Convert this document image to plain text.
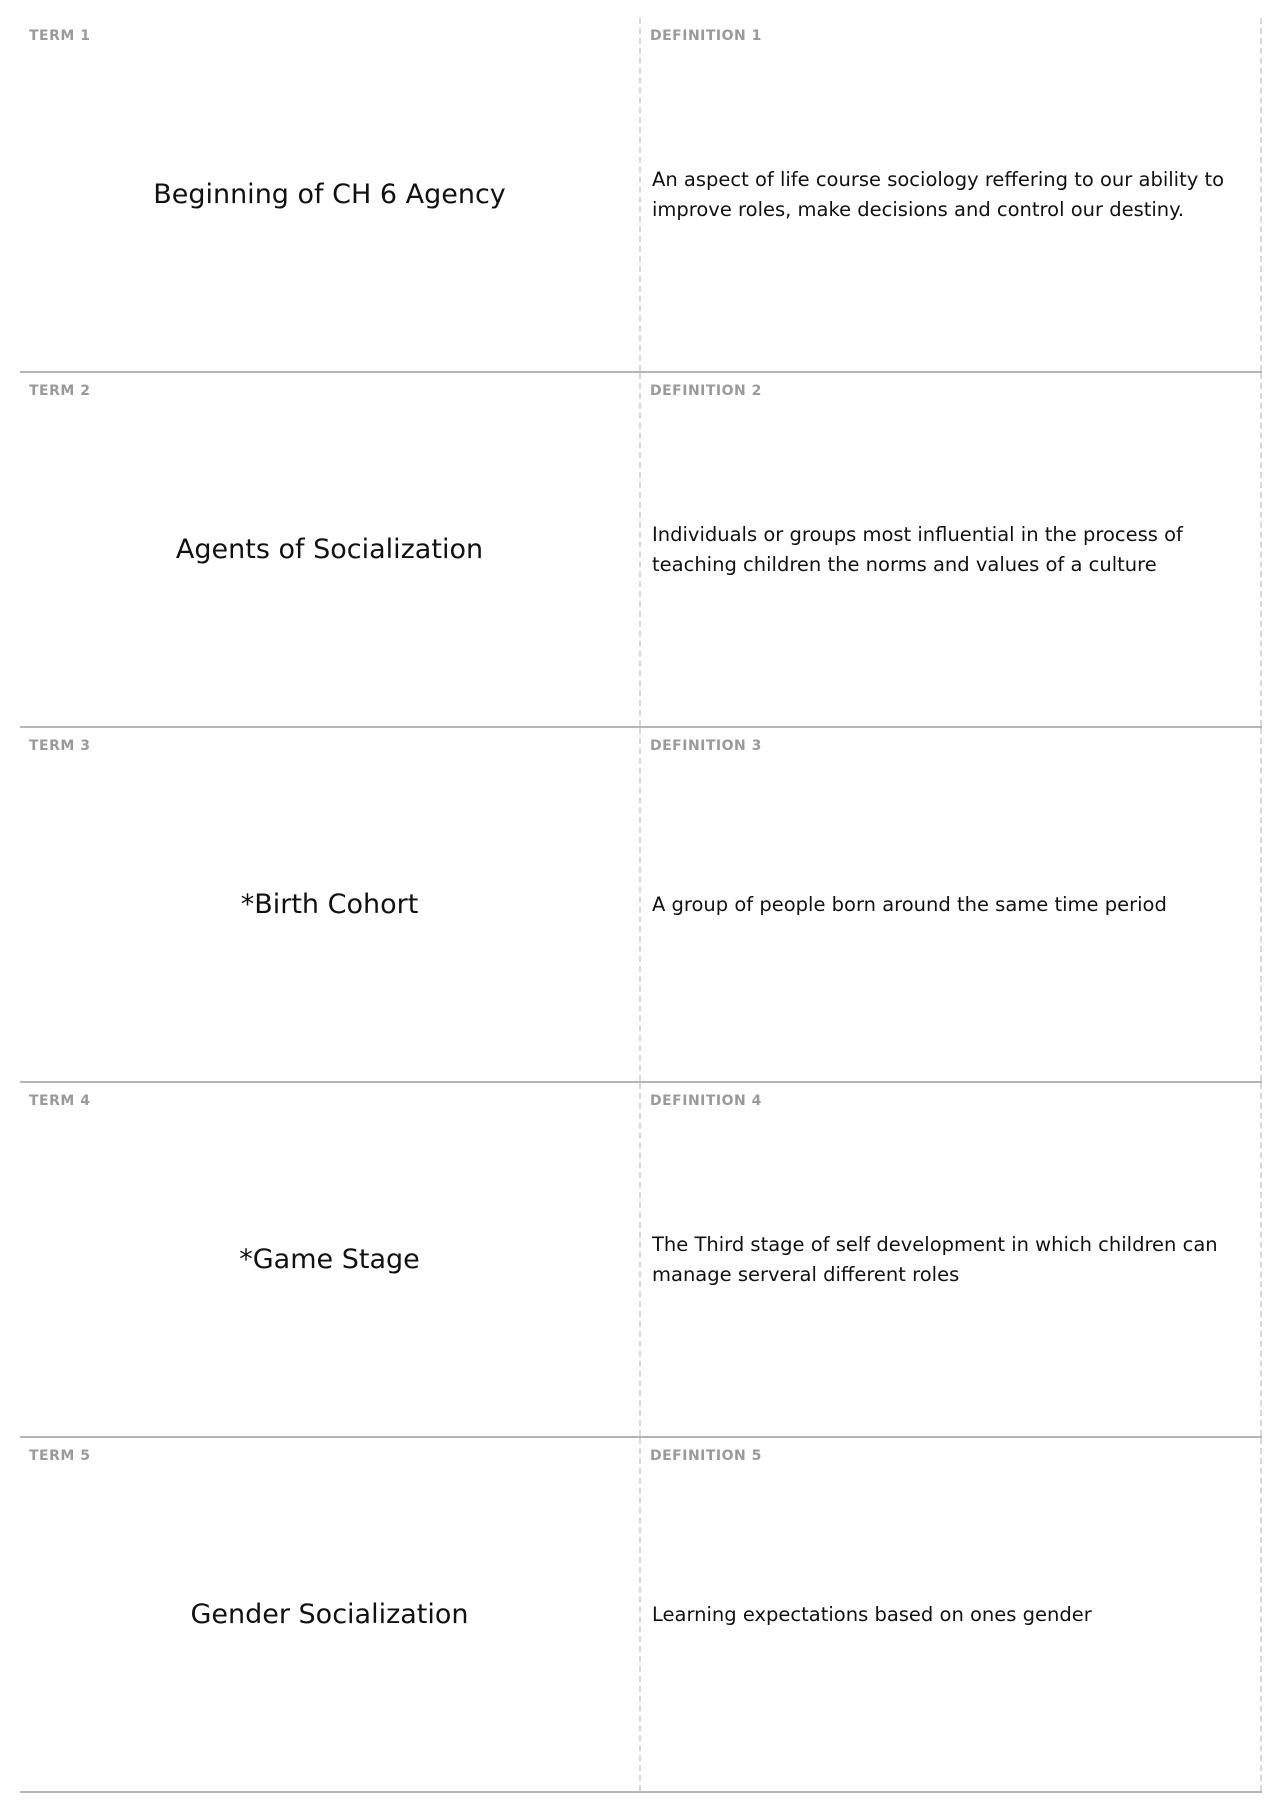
TERM 1
Beginning of CH 6 Agency
DEFINITION 1
An aspect of life course sociology reffering to our ability to improve roles, make decisions and control our destiny.
TERM 2
Agents of Socialization
DEFINITION 2
Individuals or groups most influential in the process of teaching children the norms and values of a culture
TERM 3
*Birth Cohort
DEFINITION 3
A group of people born around the same time period
TERM 4
*Game Stage
DEFINITION 4
The Third stage of self development in which children can manage serveral different roles
TERM 5
Gender Socialization
DEFINITION 5
Learning expectations based on ones gender
